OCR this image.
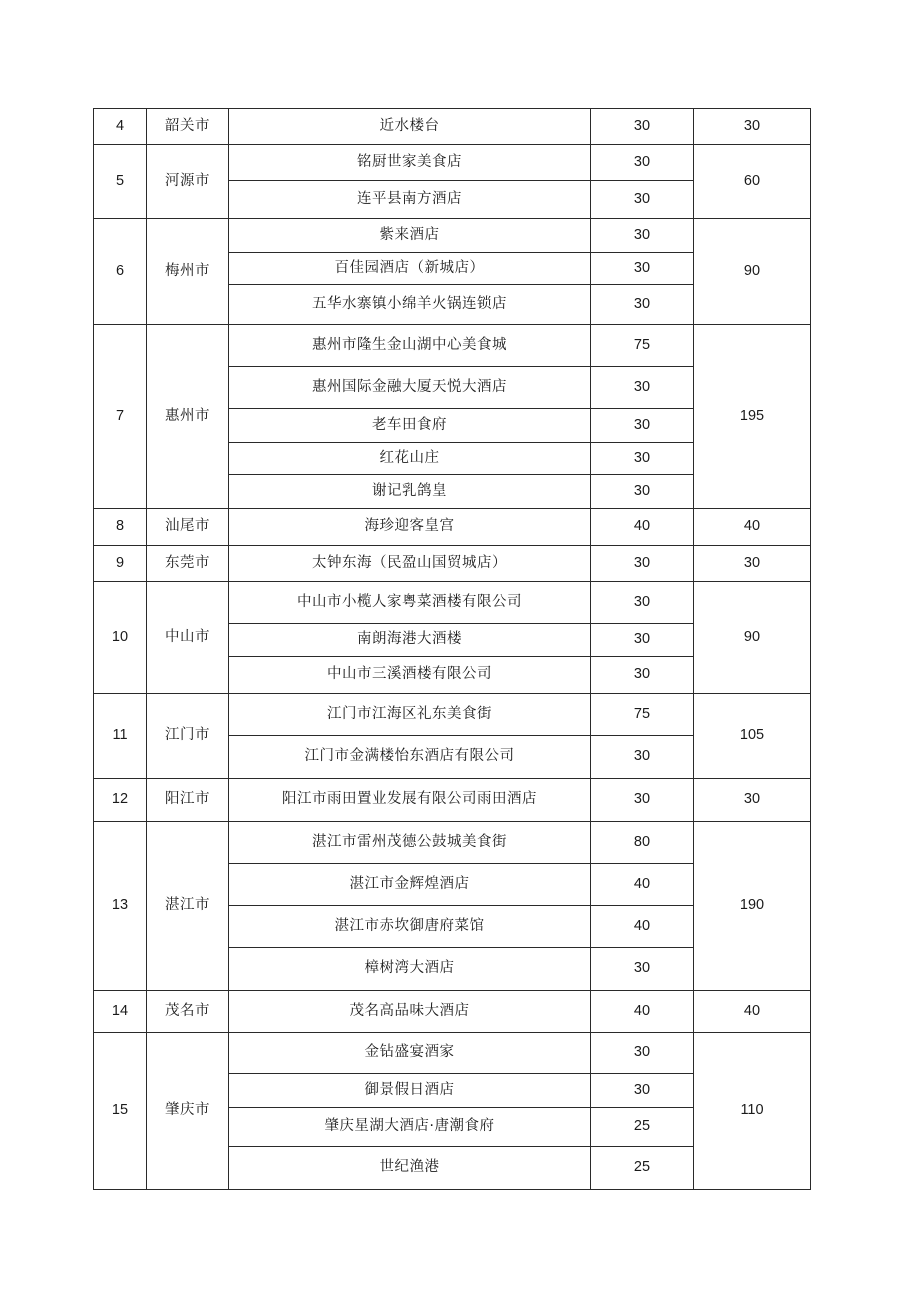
4	韶关市	近水楼台	30	30
5	河源市	铭厨世家美食店	30	60
		连平县南方酒店	30	
6	梅州市	紫来酒店	30	90
		百佳园酒店（新城店）	30	
		五华水寨镇小绵羊火锅连锁店	30	
7	惠州市	惠州市隆生金山湖中心美食城	75	195
		惠州国际金融大厦天悦大酒店	30	
		老车田食府	30	
		红花山庄	30	
		谢记乳鸽皇	30	
8	汕尾市	海珍迎客皇宫	40	40
9	东莞市	太钟东海（民盈山国贸城店）	30	30
10	中山市	中山市小榄人家粤菜酒楼有限公司	30	90
		南朗海港大酒楼	30	
		中山市三溪酒楼有限公司	30	
11	江门市	江门市江海区礼东美食街	75	105
		江门市金满楼怡东酒店有限公司	30	
12	阳江市	阳江市雨田置业发展有限公司雨田酒店	30	30
13	湛江市	湛江市雷州茂德公鼓城美食街	80	190
		湛江市金辉煌酒店	40	
		湛江市赤坎御唐府菜馆	40	
		樟树湾大酒店	30	
14	茂名市	茂名高品味大酒店	40	40
15	肇庆市	金钻盛宴酒家	30	110
		御景假日酒店	30	
		肇庆星湖大酒店·唐潮食府	25	
		世纪渔港	25	
